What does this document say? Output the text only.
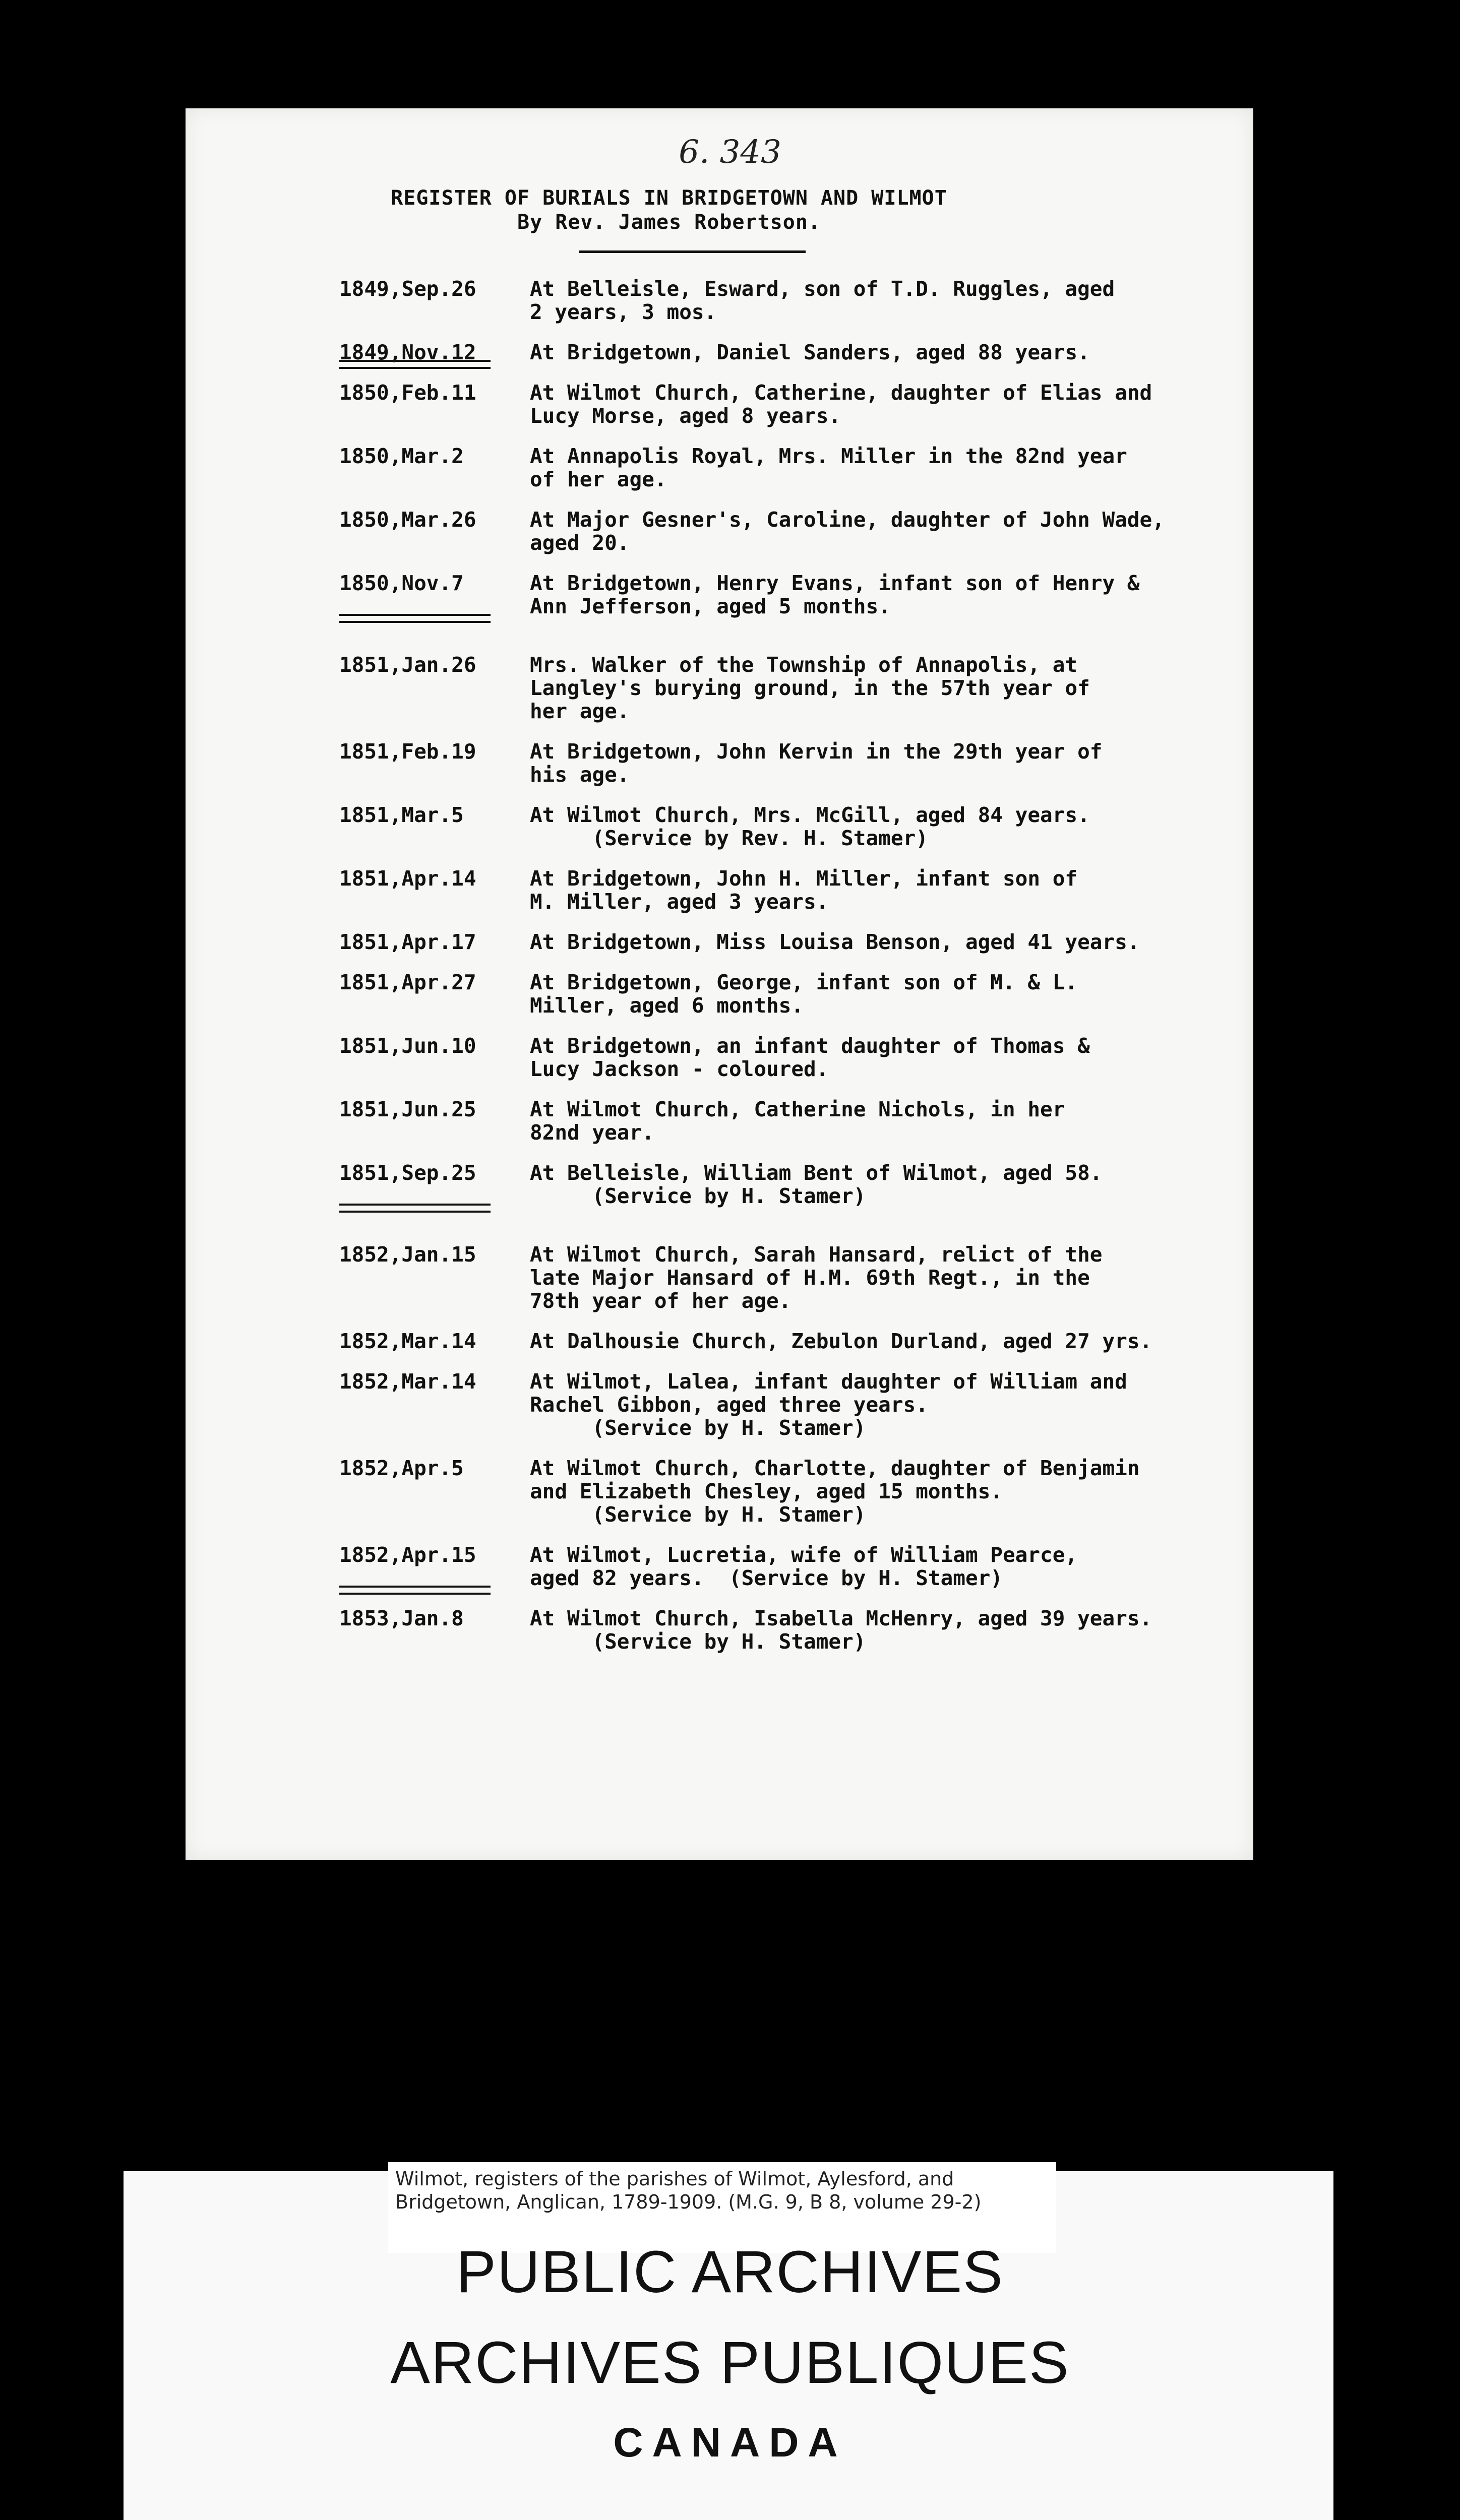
6. 343
REGISTER OF BURIALS IN BRIDGETOWN AND WILMOT
By Rev. James Robertson.
1849,Sep.26	At Belleisle, Esward, son of T.D. Ruggles, aged
2 years, 3 mos.
1849,Nov.12	At Bridgetown, Daniel Sanders, aged 88 years.
1850,Feb.11	At Wilmot Church, Catherine, daughter of Elias and
Lucy Morse, aged 8 years.
1850,Mar.2	At Annapolis Royal, Mrs. Miller in the 82nd year
of her age.
1850,Mar.26	At Major Gesner's, Caroline, daughter of John Wade,
aged 20.
1850,Nov.7	At Bridgetown, Henry Evans, infant son of Henry &
Ann Jefferson, aged 5 months.
1851,Jan.26	Mrs. Walker of the Township of Annapolis, at
Langley's burying ground, in the 57th year of
her age.
1851,Feb.19	At Bridgetown, John Kervin in the 29th year of
his age.
1851,Mar.5	At Wilmot Church, Mrs. McGill, aged 84 years.
(Service by Rev. H. Stamer)
1851,Apr.14	At Bridgetown, John H. Miller, infant son of
M. Miller, aged 3 years.
1851,Apr.17	At Bridgetown, Miss Louisa Benson, aged 41 years.
1851,Apr.27	At Bridgetown, George, infant son of M. & L.
Miller, aged 6 months.
1851,Jun.10	At Bridgetown, an infant daughter of Thomas &
Lucy Jackson - coloured.
1851,Jun.25	At Wilmot Church, Catherine Nichols, in her
82nd year.
1851,Sep.25	At Belleisle, William Bent of Wilmot, aged 58.
(Service by H. Stamer)
1852,Jan.15	At Wilmot Church, Sarah Hansard, relict of the
late Major Hansard of H.M. 69th Regt., in the
78th year of her age.
1852,Mar.14	At Dalhousie Church, Zebulon Durland, aged 27 yrs.
1852,Mar.14	At Wilmot, Lalea, infant daughter of William and
Rachel Gibbon, aged three years.
(Service by H. Stamer)
1852,Apr.5	At Wilmot Church, Charlotte, daughter of Benjamin
and Elizabeth Chesley, aged 15 months.
(Service by H. Stamer)
1852,Apr.15	At Wilmot, Lucretia, wife of William Pearce,
aged 82 years.  (Service by H. Stamer)
1853,Jan.8	At Wilmot Church, Isabella McHenry, aged 39 years.
(Service by H. Stamer)
Wilmot, registers of the parishes of Wilmot, Aylesford, and Bridgetown, Anglican, 1789-1909. (M.G. 9, B 8, volume 29-2)
PUBLIC ARCHIVES
ARCHIVES PUBLIQUES
CANADA
